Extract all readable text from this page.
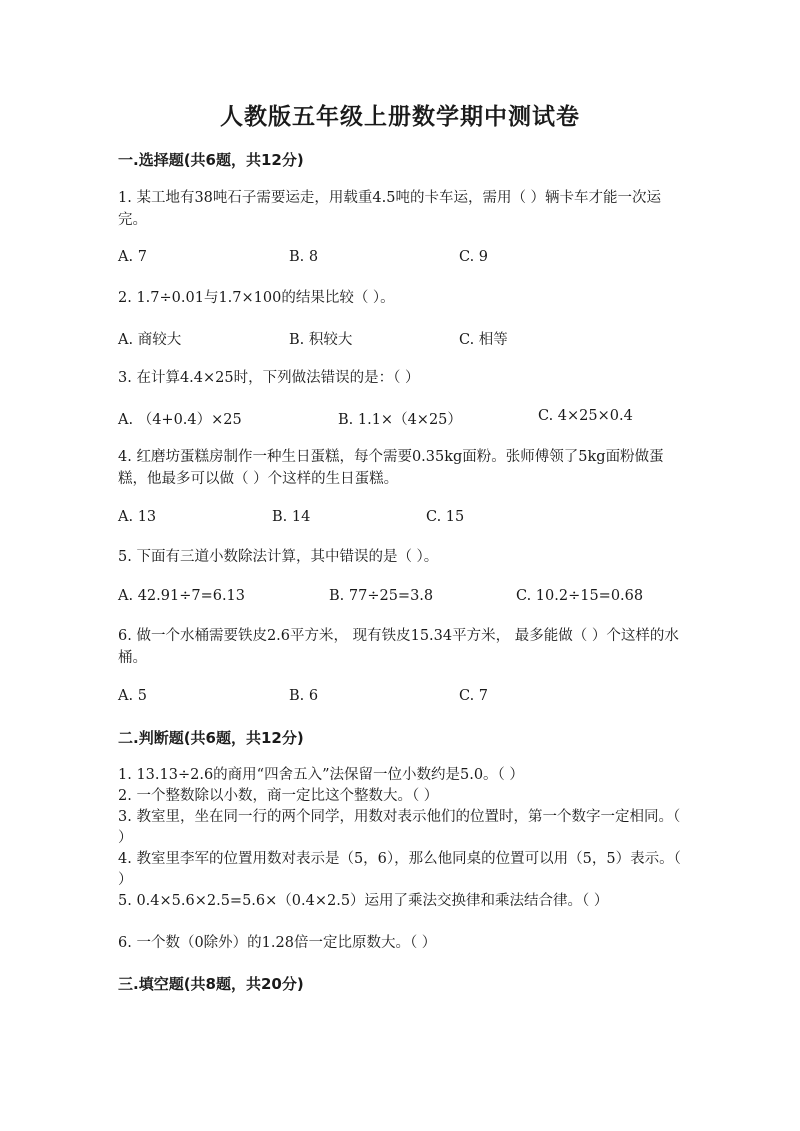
人教版五年级上册数学期中测试卷

一.选择题(共6题，共12分)

1. 某工地有38吨石子需要运走，用载重4.5吨的卡车运，需用（ ）辆卡车才能一次运完。

A. 7	B. 8	C. 9

2. 1.7÷0.01与1.7×100的结果比较（ ）。

A. 商较大	B. 积较大	C. 相等

3. 在计算4.4×25时，下列做法错误的是：（ ）

A. （4+0.4）×25	B. 1.1×（4×25）	C. 4×25×0.4

4. 红磨坊蛋糕房制作一种生日蛋糕，每个需要0.35kg面粉。张师傅领了5kg面粉做蛋糕，他最多可以做（ ）个这样的生日蛋糕。

A. 13	B. 14	C. 15

5. 下面有三道小数除法计算，其中错误的是（ ）。

A. 42.91÷7=6.13	B. 77÷25=3.8	C. 10.2÷15=0.68

6. 做一个水桶需要铁皮2.6平方米， 现有铁皮15.34平方米， 最多能做（ ）个这样的水桶。

A. 5	B. 6	C. 7

二.判断题(共6题，共12分)

1. 13.13÷2.6的商用“四舍五入”法保留一位小数约是5.0。（ ）

2. 一个整数除以小数，商一定比这个整数大。（ ）

3. 教室里，坐在同一行的两个同学，用数对表示他们的位置时，第一个数字一定相同。（ ）

4. 教室里李军的位置用数对表示是（5，6），那么他同桌的位置可以用（5，5）表示。（ ）

5. 0.4×5.6×2.5=5.6×（0.4×2.5）运用了乘法交换律和乘法结合律。（ ）

6. 一个数（0除外）的1.28倍一定比原数大。（ ）

三.填空题(共8题，共20分)
